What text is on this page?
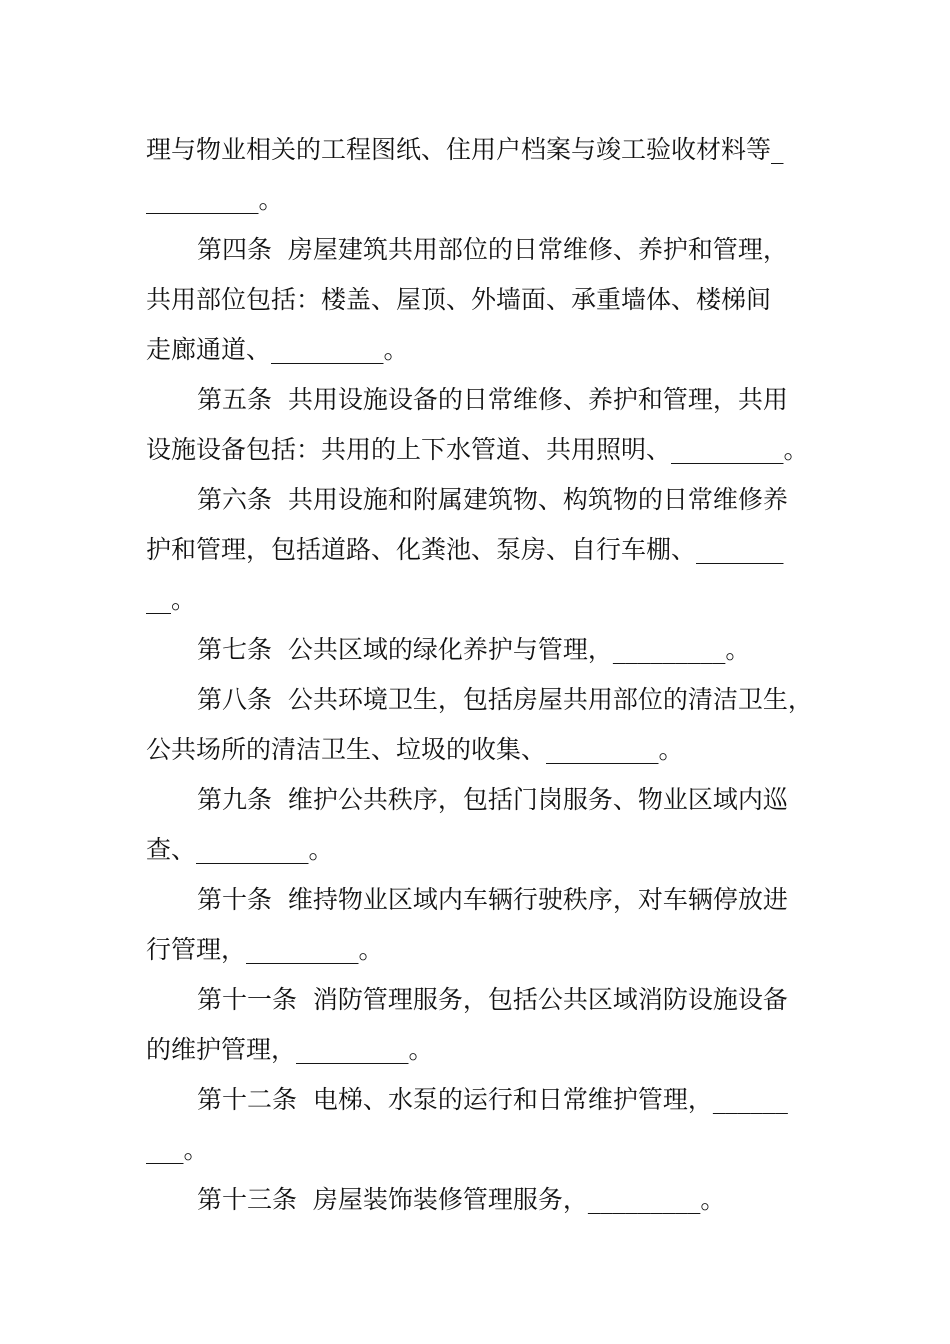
理与物业相关的工程图纸、住用户档案与竣工验收材料等_
_________。
第四条  房屋建筑共用部位的日常维修、养护和管理，
共用部位包括：楼盖、屋顶、外墙面、承重墙体、楼梯间
走廊通道、_________。
第五条  共用设施设备的日常维修、养护和管理，共用
设施设备包括：共用的上下水管道、共用照明、_________。
第六条  共用设施和附属建筑物、构筑物的日常维修养
护和管理，包括道路、化粪池、泵房、自行车棚、_______
__。
第七条  公共区域的绿化养护与管理，_________。
第八条  公共环境卫生，包括房屋共用部位的清洁卫生，
公共场所的清洁卫生、垃圾的收集、_________。
第九条  维护公共秩序，包括门岗服务、物业区域内巡
查、_________。
第十条  维持物业区域内车辆行驶秩序，对车辆停放进
行管理，_________。
第十一条  消防管理服务，包括公共区域消防设施设备
的维护管理，_________。
第十二条  电梯、水泵的运行和日常维护管理，______
___。
第十三条  房屋装饰装修管理服务，_________。
